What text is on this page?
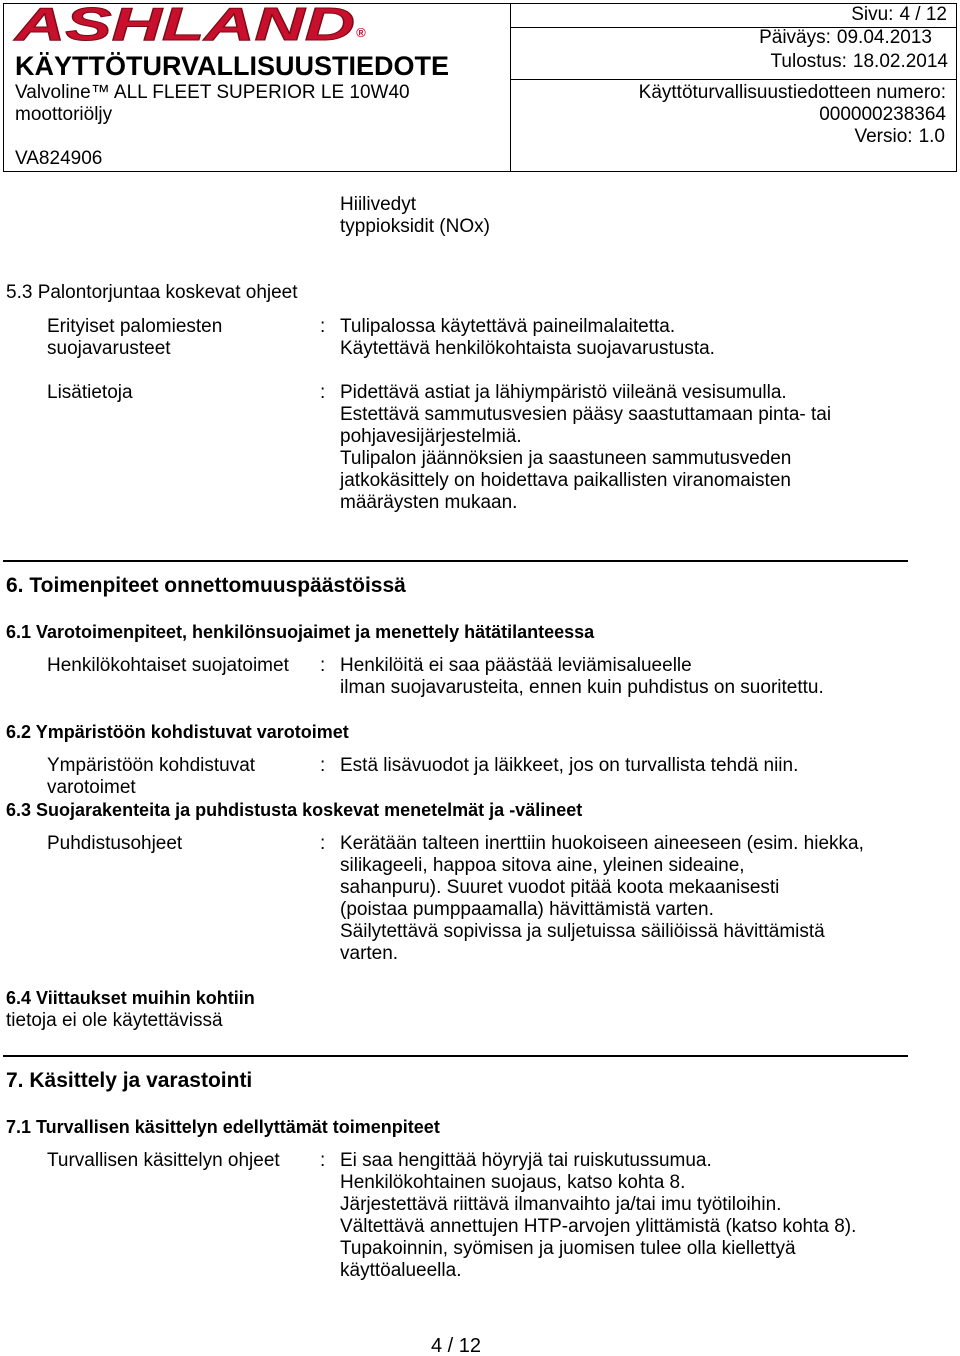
ASHLAND ®
KÄYTTÖTURVALLISUUSTIEDOTE
Valvoline™ ALL FLEET SUPERIOR LE 10W40
moottoriöljy
VA824906
Sivu: 4 / 12
Päiväys: 09.04.2013
Tulostus: 18.02.2014
Käyttöturvallisuustiedotteen numero:
000000238364
Versio: 1.0
Hiilivedyt
typpioksidit (NOx)
5.3 Palontorjuntaa koskevat ohjeet
Erityiset palomiesten
suojavarusteet
: Tulipalossa käytettävä paineilmalaitetta.
Käytettävä henkilökohtaista suojavarustusta.
Lisätietoja	: Pidettävä astiat ja lähiympäristö viileänä vesisumulla.
Estettävä sammutusvesien pääsy saastuttamaan pinta- tai
pohjavesijärjestelmiä.
Tulipalon jäännöksien ja saastuneen sammutusveden
jatkokäsittely on hoidettava paikallisten viranomaisten
määräysten mukaan.
6. Toimenpiteet onnettomuuspäästöissä
6.1 Varotoimenpiteet, henkilönsuojaimet ja menettely hätätilanteessa
Henkilökohtaiset suojatoimet : Henkilöitä ei saa päästää leviämisalueelle
ilman suojavarusteita, ennen kuin puhdistus on suoritettu.
6.2 Ympäristöön kohdistuvat varotoimet
Ympäristöön kohdistuvat
varotoimet
: Estä lisävuodot ja läikkeet, jos on turvallista tehdä niin.
6.3 Suojarakenteita ja puhdistusta koskevat menetelmät ja -välineet
Puhdistusohjeet	: Kerätään talteen inerttiin huokoiseen aineeseen (esim. hiekka,
silikageeli, happoa sitova aine, yleinen sideaine,
sahanpuru). Suuret vuodot pitää koota mekaanisesti
(poistaa pumppaamalla) hävittämistä varten.
Säilytettävä sopivissa ja suljetuissa säiliöissä hävittämistä
varten.
6.4 Viittaukset muihin kohtiin
tietoja ei ole käytettävissä
7. Käsittely ja varastointi
7.1 Turvallisen käsittelyn edellyttämät toimenpiteet
Turvallisen käsittelyn ohjeet : Ei saa hengittää höyryjä tai ruiskutussumua.
Henkilökohtainen suojaus, katso kohta 8.
Järjestettävä riittävä ilmanvaihto ja/tai imu työtiloihin.
Vältettävä annettujen HTP-arvojen ylittämistä (katso kohta 8).
Tupakoinnin, syömisen ja juomisen tulee olla kiellettyä
käyttöalueella.
4 / 12
